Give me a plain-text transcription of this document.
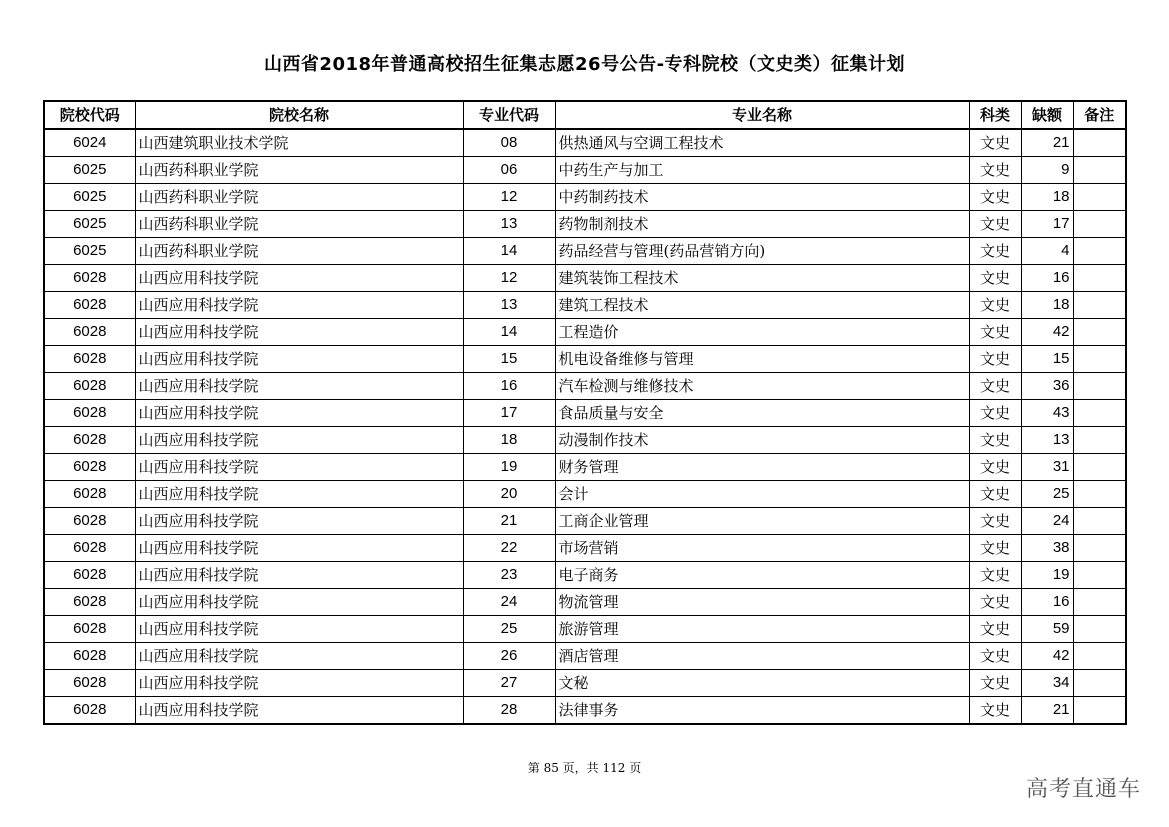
山西省2018年普通高校招生征集志愿26号公告-专科院校（文史类）征集计划
院校代码	院校名称	专业代码	专业名称	科类	缺额	备注
6024	山西建筑职业技术学院	08	供热通风与空调工程技术	文史	21	
6025	山西药科职业学院	06	中药生产与加工	文史	9	
6025	山西药科职业学院	12	中药制药技术	文史	18	
6025	山西药科职业学院	13	药物制剂技术	文史	17	
6025	山西药科职业学院	14	药品经营与管理(药品营销方向)	文史	4	
6028	山西应用科技学院	12	建筑装饰工程技术	文史	16	
6028	山西应用科技学院	13	建筑工程技术	文史	18	
6028	山西应用科技学院	14	工程造价	文史	42	
6028	山西应用科技学院	15	机电设备维修与管理	文史	15	
6028	山西应用科技学院	16	汽车检测与维修技术	文史	36	
6028	山西应用科技学院	17	食品质量与安全	文史	43	
6028	山西应用科技学院	18	动漫制作技术	文史	13	
6028	山西应用科技学院	19	财务管理	文史	31	
6028	山西应用科技学院	20	会计	文史	25	
6028	山西应用科技学院	21	工商企业管理	文史	24	
6028	山西应用科技学院	22	市场营销	文史	38	
6028	山西应用科技学院	23	电子商务	文史	19	
6028	山西应用科技学院	24	物流管理	文史	16	
6028	山西应用科技学院	25	旅游管理	文史	59	
6028	山西应用科技学院	26	酒店管理	文史	42	
6028	山西应用科技学院	27	文秘	文史	34	
6028	山西应用科技学院	28	法律事务	文史	21	
第 85 页，共 112 页
高考直通车
